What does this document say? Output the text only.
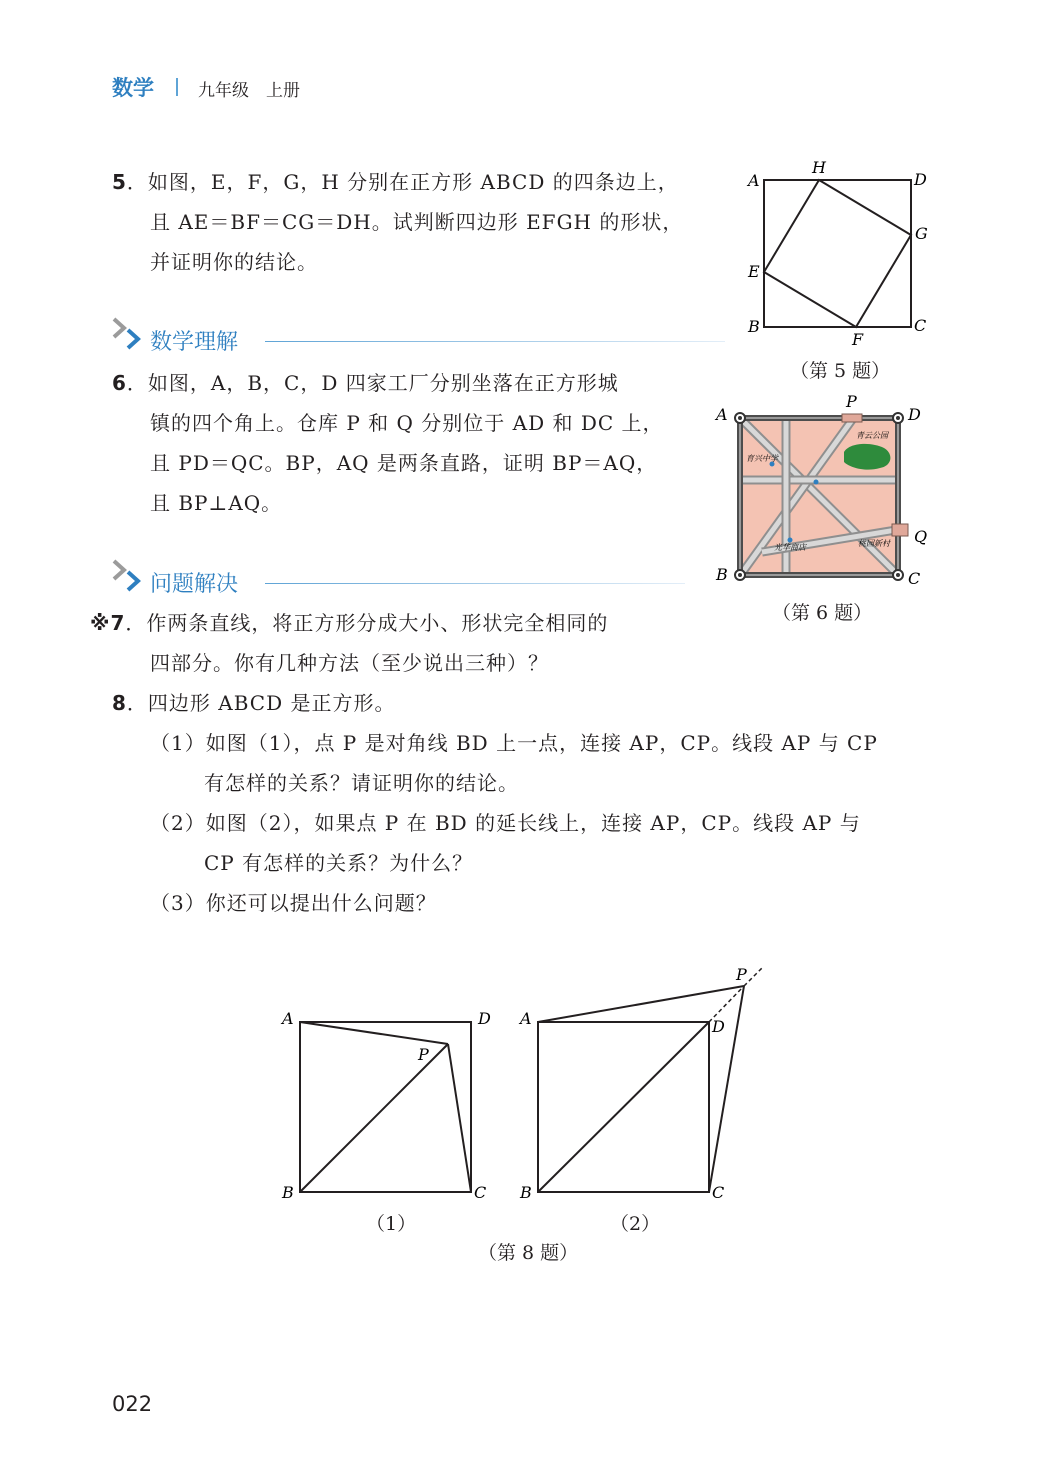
数学	九年级　上册
5．如图，E，F，G，H 分别在正方形 ABCD 的四条边上，
且 AE＝BF＝CG＝DH。试判断四边形 EFGH 的形状，
并证明你的结论。
A
H
D
G
E
B
F
C
（第 5 题）
数学理解
6．如图，A，B，C，D 四家工厂分别坐落在正方形城
镇的四个角上。仓库 P 和 Q 分别位于 AD 和 DC 上，
且 PD＝QC。BP，AQ 是两条直路，证明 BP＝AQ，
且 BP⊥AQ。
青云公园
育兴中学
光华商店	桃园新村
A
P
D
Q
B	C
（第 6 题）
问题解决
※7．作两条直线，将正方形分成大小、形状完全相同的
四部分。你有几种方法（至少说出三种）？
8．四边形 ABCD 是正方形。
（1）如图（1），点 P 是对角线 BD 上一点，连接 AP，CP。线段 AP 与 CP
有怎样的关系？请证明你的结论。
（2）如图（2），如果点 P 在 BD 的延长线上，连接 AP，CP。线段 AP 与
CP 有怎样的关系？为什么？
（3）你还可以提出什么问题？
A	D
P
B	C
P
A	D
B	C
（1）	（2）
（第 8 题）
022
